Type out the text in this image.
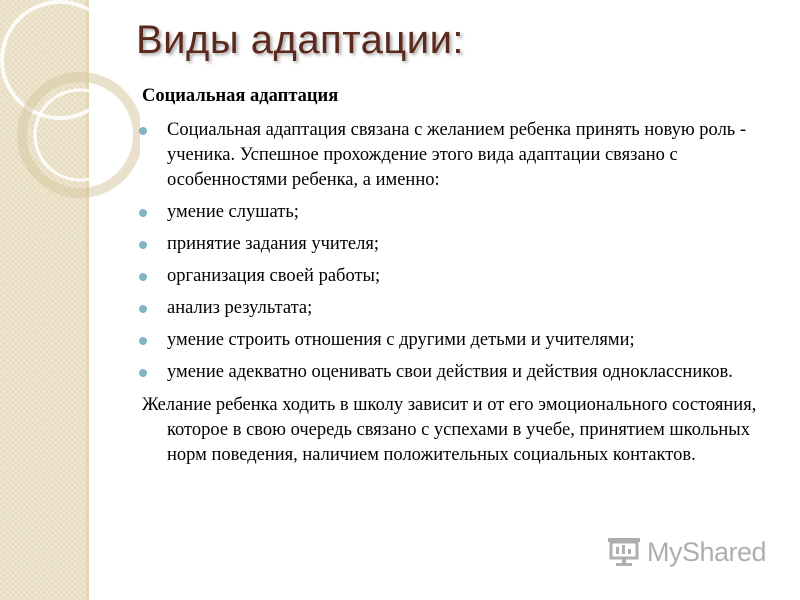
Виды адаптации:

Социальная адаптация

Социальная адаптация связана с желанием ребенка принять новую роль - ученика. Успешное прохождение этого вида адаптации связано с особенностями ребенка, а именно:
умение слушать;
принятие задания учителя;
организация своей работы;
анализ результата;
умение строить отношения с другими детьми и учителями;
умение адекватно оценивать свои действия и действия одноклассников.

Желание ребенка ходить в школу зависит и от его эмоционального состояния, которое в свою очередь связано с успехами в учебе, принятием школьных норм поведения, наличием положительных социальных контактов.

MyShared
